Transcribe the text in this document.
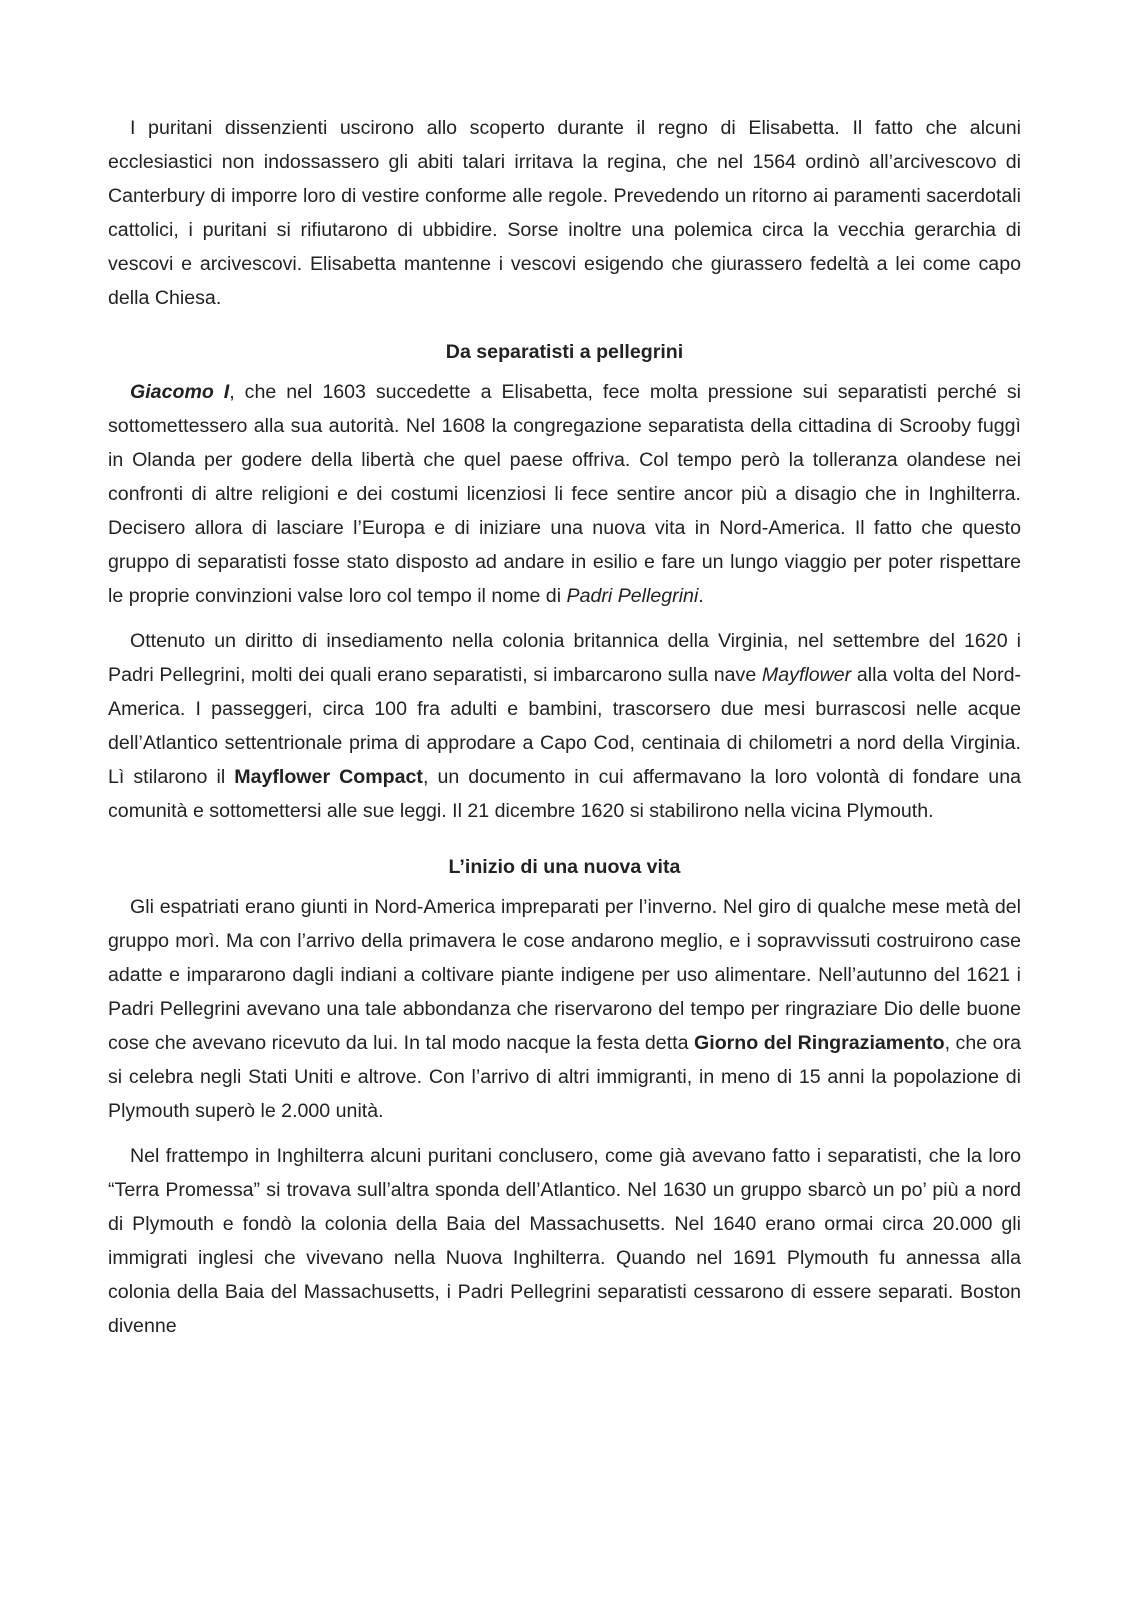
I puritani dissenzienti uscirono allo scoperto durante il regno di Elisabetta. Il fatto che alcuni ecclesiastici non indossassero gli abiti talari irritava la regina, che nel 1564 ordinò all’arcivescovo di Canterbury di imporre loro di vestire conforme alle regole. Prevedendo un ritorno ai paramenti sacerdotali cattolici, i puritani si rifiutarono di ubbidire. Sorse inoltre una polemica circa la vecchia gerarchia di vescovi e arcivescovi. Elisabetta mantenne i vescovi esigendo che giurassero fedeltà a lei come capo della Chiesa.

Da separatisti a pellegrini

Giacomo I, che nel 1603 succedette a Elisabetta, fece molta pressione sui separatisti perché si sottomettessero alla sua autorità. Nel 1608 la congregazione separatista della cittadina di Scrooby fuggì in Olanda per godere della libertà che quel paese offriva. Col tempo però la tolleranza olandese nei confronti di altre religioni e dei costumi licenziosi li fece sentire ancor più a disagio che in Inghilterra. Decisero allora di lasciare l’Europa e di iniziare una nuova vita in Nord-America. Il fatto che questo gruppo di separatisti fosse stato disposto ad andare in esilio e fare un lungo viaggio per poter rispettare le proprie convinzioni valse loro col tempo il nome di Padri Pellegrini.

Ottenuto un diritto di insediamento nella colonia britannica della Virginia, nel settembre del 1620 i Padri Pellegrini, molti dei quali erano separatisti, si imbarcarono sulla nave Mayflower alla volta del Nord-America. I passeggeri, circa 100 fra adulti e bambini, trascorsero due mesi burrascosi nelle acque dell’Atlantico settentrionale prima di approdare a Capo Cod, centinaia di chilometri a nord della Virginia. Lì stilarono il Mayflower Compact, un documento in cui affermavano la loro volontà di fondare una comunità e sottomettersi alle sue leggi. Il 21 dicembre 1620 si stabilirono nella vicina Plymouth.

L’inizio di una nuova vita

Gli espatriati erano giunti in Nord-America impreparati per l’inverno. Nel giro di qualche mese metà del gruppo morì. Ma con l’arrivo della primavera le cose andarono meglio, e i sopravvissuti costruirono case adatte e impararono dagli indiani a coltivare piante indigene per uso alimentare. Nell’autunno del 1621 i Padri Pellegrini avevano una tale abbondanza che riservarono del tempo per ringraziare Dio delle buone cose che avevano ricevuto da lui. In tal modo nacque la festa detta Giorno del Ringraziamento, che ora si celebra negli Stati Uniti e altrove. Con l’arrivo di altri immigranti, in meno di 15 anni la popolazione di Plymouth superò le 2.000 unità.

Nel frattempo in Inghilterra alcuni puritani conclusero, come già avevano fatto i separatisti, che la loro “Terra Promessa” si trovava sull’altra sponda dell’Atlantico. Nel 1630 un gruppo sbarcò un po’ più a nord di Plymouth e fondò la colonia della Baia del Massachusetts. Nel 1640 erano ormai circa 20.000 gli immigrati inglesi che vivevano nella Nuova Inghilterra. Quando nel 1691 Plymouth fu annessa alla colonia della Baia del Massachusetts, i Padri Pellegrini separatisti cessarono di essere separati. Boston divenne
